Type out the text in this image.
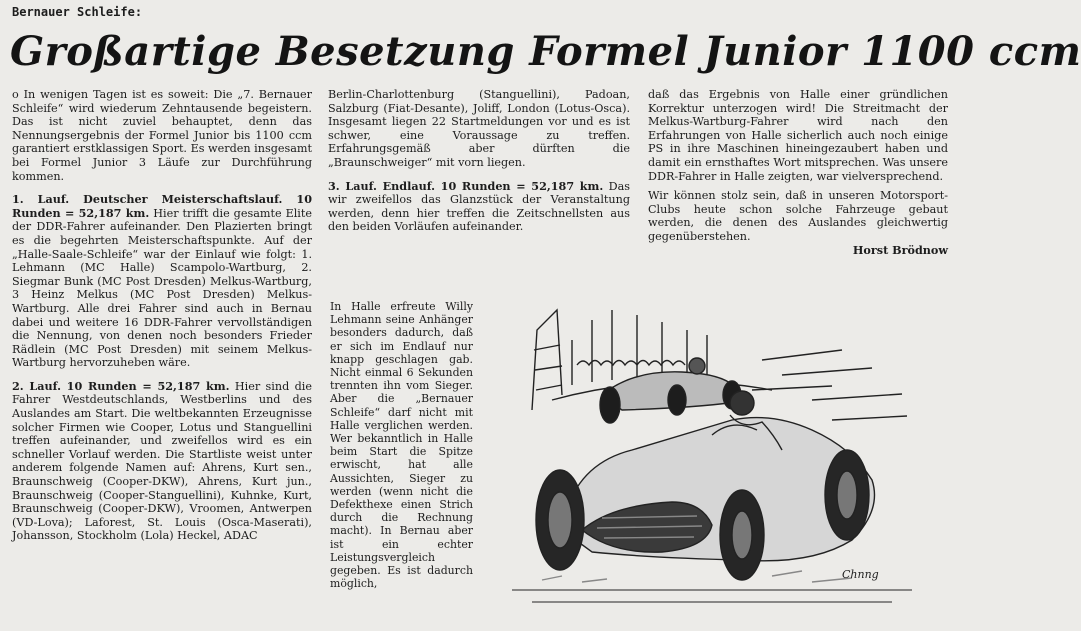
Bernauer Schleife:
Großartige Besetzung Formel Junior 1100 ccm

o In wenigen Tagen ist es soweit: Die „7. Bernauer Schleife“ wird wiederum Zehntausende begeistern. Das ist nicht zuviel behauptet, denn das Nennungsergebnis der Formel Junior bis 1100 ccm garantiert erstklassigen Sport. Es werden insgesamt bei Formel Junior 3 Läufe zur Durchführung kommen.

1. Lauf. Deutscher Meisterschaftslauf. 10 Runden = 52,187 km. Hier trifft die gesamte Elite der DDR-Fahrer aufeinander. Den Plazierten bringt es die begehrten Meisterschaftspunkte. Auf der „Halle-Saale-Schleife“ war der Einlauf wie folgt: 1. Lehmann (MC Halle) Scampolo-Wartburg, 2. Siegmar Bunk (MC Post Dresden) Melkus-Wartburg, 3 Heinz Melkus (MC Post Dresden) Melkus-Wartburg. Alle drei Fahrer sind auch in Bernau dabei und weitere 16 DDR-Fahrer vervollständigen die Nennung, von denen noch besonders Frieder Rädlein (MC Post Dresden) mit seinem Melkus-Wartburg hervorzuheben wäre.

2. Lauf. 10 Runden = 52,187 km. Hier sind die Fahrer Westdeutschlands, Westberlins und des Auslandes am Start. Die weltbekannten Erzeugnisse solcher Firmen wie Cooper, Lotus und Stanguellini treffen aufeinander, und zweifellos wird es ein schneller Vorlauf werden. Die Startliste weist unter anderem folgende Namen auf: Ahrens, Kurt sen., Braunschweig (Cooper-DKW), Ahrens, Kurt jun., Braunschweig (Cooper-Stanguellini), Kuhnke, Kurt, Braunschweig (Cooper-DKW), Vroomen, Antwerpen (VD-Lova); Laforest, St. Louis (Osca-Maserati), Johansson, Stockholm (Lola) Heckel, ADAC

Berlin-Charlottenburg (Stanguellini), Padoan, Salzburg (Fiat-Desante), Joliff, London (Lotus-Osca). Insgesamt liegen 22 Startmeldungen vor und es ist schwer, eine Voraussage zu treffen. Erfahrungsgemäß aber dürften die „Braunschweiger“ mit vorn liegen.

3. Lauf. Endlauf. 10 Runden = 52,187 km. Das wir zweifellos das Glanzstück der Veranstaltung werden, denn hier treffen die Zeitschnellsten aus den beiden Vorläufen aufeinander.

In Halle erfreute Willy Lehmann seine Anhänger besonders dadurch, daß er sich im Endlauf nur knapp geschlagen gab. Nicht einmal 6 Sekunden trennten ihn vom Sieger. Aber die „Bernauer Schleife“ darf nicht mit Halle verglichen werden. Wer bekanntlich in Halle beim Start die Spitze erwischt, hat alle Aussichten, Sieger zu werden (wenn nicht die Defekthexe einen Strich durch die Rechnung macht). In Bernau aber ist ein echter Leistungsvergleich gegeben. Es ist dadurch möglich,

daß das Ergebnis von Halle einer gründlichen Korrektur unterzogen wird! Die Streitmacht der Melkus-Wartburg-Fahrer wird nach den Erfahrungen von Halle sicherlich auch noch einige PS in ihre Maschinen hineingezaubert haben und damit ein ernsthaftes Wort mitsprechen. Was unsere DDR-Fahrer in Halle zeigten, war vielversprechend.

Wir können stolz sein, daß in unseren Motorsport-Clubs heute schon solche Fahrzeuge gebaut werden, die denen des Auslandes gleichwertig gegenüberstehen.

Horst Brödnow

Chnng
